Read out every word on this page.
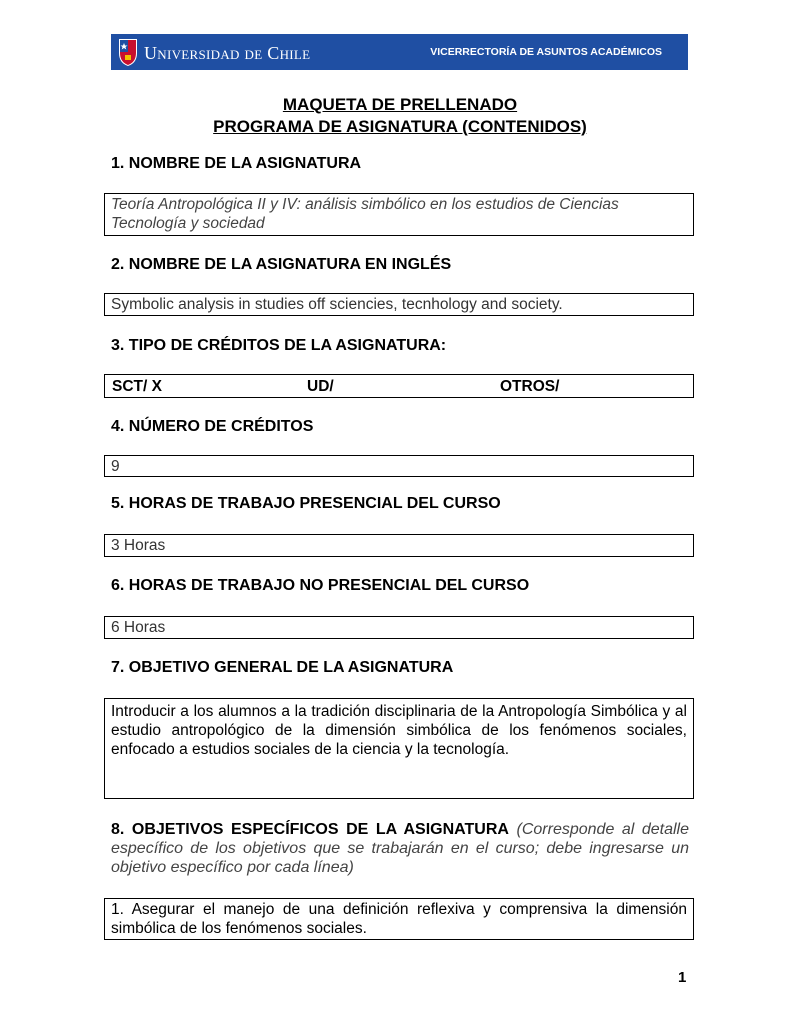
Universidad de Chile	VICERRECTORÍA DE ASUNTOS ACADÉMICOS
MAQUETA DE PRELLENADO
PROGRAMA DE ASIGNATURA (CONTENIDOS)
1. NOMBRE DE LA ASIGNATURA
Teoría Antropológica II y IV: análisis simbólico en los estudios de Ciencias
Tecnología y sociedad
2. NOMBRE DE LA ASIGNATURA EN INGLÉS
Symbolic analysis in studies off sciencies, tecnhology and society.
3. TIPO DE CRÉDITOS DE LA ASIGNATURA:
SCT/ X	UD/	OTROS/
4. NÚMERO DE CRÉDITOS
9
5. HORAS DE TRABAJO PRESENCIAL DEL CURSO
3 Horas
6. HORAS DE TRABAJO NO PRESENCIAL DEL CURSO
6 Horas
7. OBJETIVO GENERAL DE LA ASIGNATURA
Introducir a los alumnos a la tradición disciplinaria de la Antropología Simbólica y al estudio antropológico de la dimensión simbólica de los fenómenos sociales, enfocado a estudios sociales de la ciencia y la tecnología.
8. OBJETIVOS ESPECÍFICOS DE LA ASIGNATURA (Corresponde al detalle específico de los objetivos que se trabajarán en el curso; debe ingresarse un objetivo específico por cada línea)
1. Asegurar el manejo de una definición reflexiva y comprensiva la dimensión simbólica de los fenómenos sociales.
1
